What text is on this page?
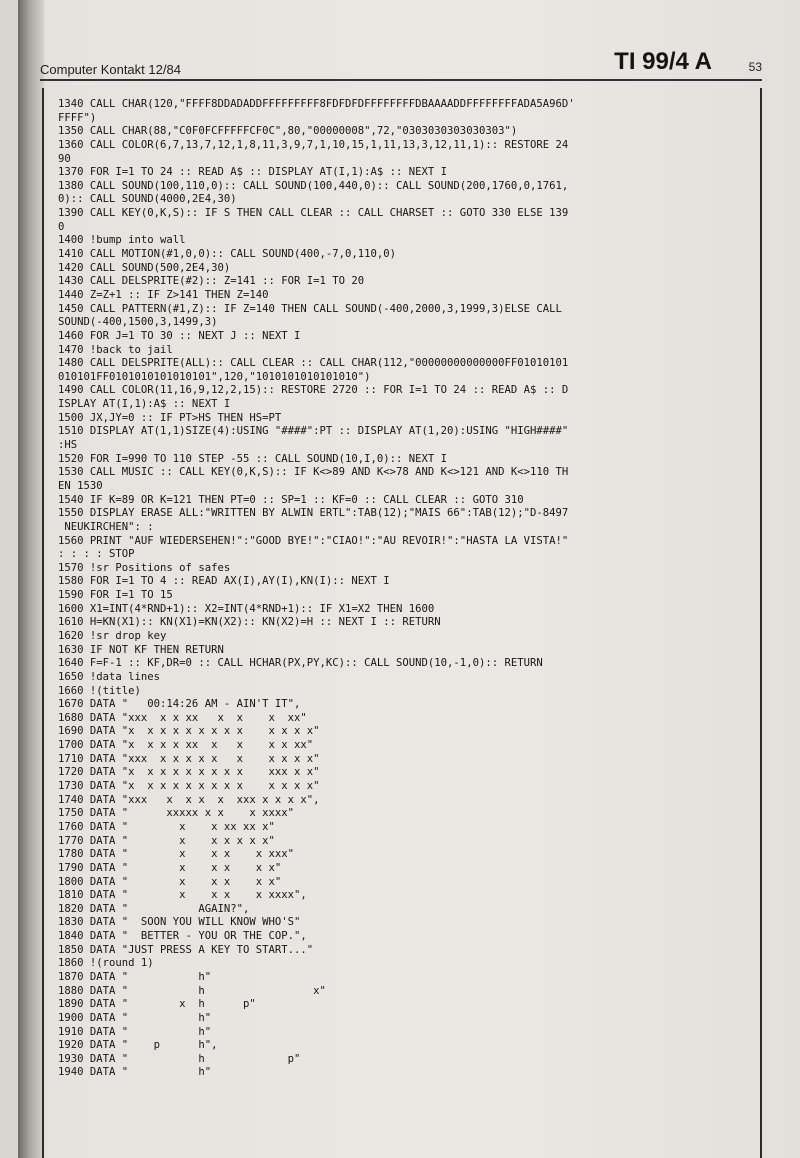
Computer Kontakt 12/84	TI 99/4 A	53
1340 CALL CHAR(120,"FFFF8DDADADDFFFFFFFFF8FDFDFDFFFFFFFFDBAAAADDFFFFFFFFADA5A96D'
FFFF")
1350 CALL CHAR(88,"C0F0FCFFFFFCF0C",80,"00000008",72,"0303030303030303")
1360 CALL COLOR(6,7,13,7,12,1,8,11,3,9,7,1,10,15,1,11,13,3,12,11,1):: RESTORE 24
90
1370 FOR I=1 TO 24 :: READ A$ :: DISPLAY AT(I,1):A$ :: NEXT I
1380 CALL SOUND(100,110,0):: CALL SOUND(100,440,0):: CALL SOUND(200,1760,0,1761,
0):: CALL SOUND(4000,2E4,30)
1390 CALL KEY(0,K,S):: IF S THEN CALL CLEAR :: CALL CHARSET :: GOTO 330 ELSE 139
0
1400 !bump into wall
1410 CALL MOTION(#1,0,0):: CALL SOUND(400,-7,0,110,0)
1420 CALL SOUND(500,2E4,30)
1430 CALL DELSPRITE(#2):: Z=141 :: FOR I=1 TO 20
1440 Z=Z+1 :: IF Z>141 THEN Z=140
1450 CALL PATTERN(#1,Z):: IF Z=140 THEN CALL SOUND(-400,2000,3,1999,3)ELSE CALL
SOUND(-400,1500,3,1499,3)
1460 FOR J=1 TO 30 :: NEXT J :: NEXT I
1470 !back to jail
1480 CALL DELSPRITE(ALL):: CALL CLEAR :: CALL CHAR(112,"00000000000000FF01010101
010101FF0101010101010101",120,"1010101010101010")
1490 CALL COLOR(11,16,9,12,2,15):: RESTORE 2720 :: FOR I=1 TO 24 :: READ A$ :: D
ISPLAY AT(I,1):A$ :: NEXT I
1500 JX,JY=0 :: IF PT>HS THEN HS=PT
1510 DISPLAY AT(1,1)SIZE(4):USING "####":PT :: DISPLAY AT(1,20):USING "HIGH####"
:HS
1520 FOR I=990 TO 110 STEP -55 :: CALL SOUND(10,I,0):: NEXT I
1530 CALL MUSIC :: CALL KEY(0,K,S):: IF K<>89 AND K<>78 AND K<>121 AND K<>110 TH
EN 1530
1540 IF K=89 OR K=121 THEN PT=0 :: SP=1 :: KF=0 :: CALL CLEAR :: GOTO 310
1550 DISPLAY ERASE ALL:"WRITTEN BY ALWIN ERTL":TAB(12);"MAIS 66":TAB(12);"D-8497
NEUKIRCHEN": :
1560 PRINT "AUF WIEDERSEHEN!":"GOOD BYE!":"CIAO!":"AU REVOIR!":"HASTA LA VISTA!"
: : : : STOP
1570 !sr Positions of safes
1580 FOR I=1 TO 4 :: READ AX(I),AY(I),KN(I):: NEXT I
1590 FOR I=1 TO 15
1600 X1=INT(4*RND+1):: X2=INT(4*RND+1):: IF X1=X2 THEN 1600
1610 H=KN(X1):: KN(X1)=KN(X2):: KN(X2)=H :: NEXT I :: RETURN
1620 !sr drop key
1630 IF NOT KF THEN RETURN
1640 F=F-1 :: KF,DR=0 :: CALL HCHAR(PX,PY,KC):: CALL SOUND(10,-1,0):: RETURN
1650 !data lines
1660 !(title)
1670 DATA "   00:14:26 AM - AIN'T IT",
1680 DATA "xxx  x x xx   x  x    x  xx"
1690 DATA "x  x x x x x x x x    x x x x"
1700 DATA "x  x x x xx  x   x    x x xx"
1710 DATA "xxx  x x x x x   x    x x x x"
1720 DATA "x  x x x x x x x x    xxx x x"
1730 DATA "x  x x x x x x x x    x x x x"
1740 DATA "xxx   x  x x  x  xxx x x x x",
1750 DATA "      xxxxx x x    x xxxx"
1760 DATA "        x    x xx xx x"
1770 DATA "        x    x x x x x"
1780 DATA "        x    x x    x xxx"
1790 DATA "        x    x x    x x"
1800 DATA "        x    x x    x x"
1810 DATA "        x    x x    x xxxx",
1820 DATA "           AGAIN?",
1830 DATA "  SOON YOU WILL KNOW WHO'S"
1840 DATA "  BETTER - YOU OR THE COP.",
1850 DATA "JUST PRESS A KEY TO START..."
1860 !(round 1)
1870 DATA "           h"
1880 DATA "           h                 x"
1890 DATA "        x  h      p"
1900 DATA "           h"
1910 DATA "           h"
1920 DATA "    p      h",
1930 DATA "           h             p"
1940 DATA "           h"
